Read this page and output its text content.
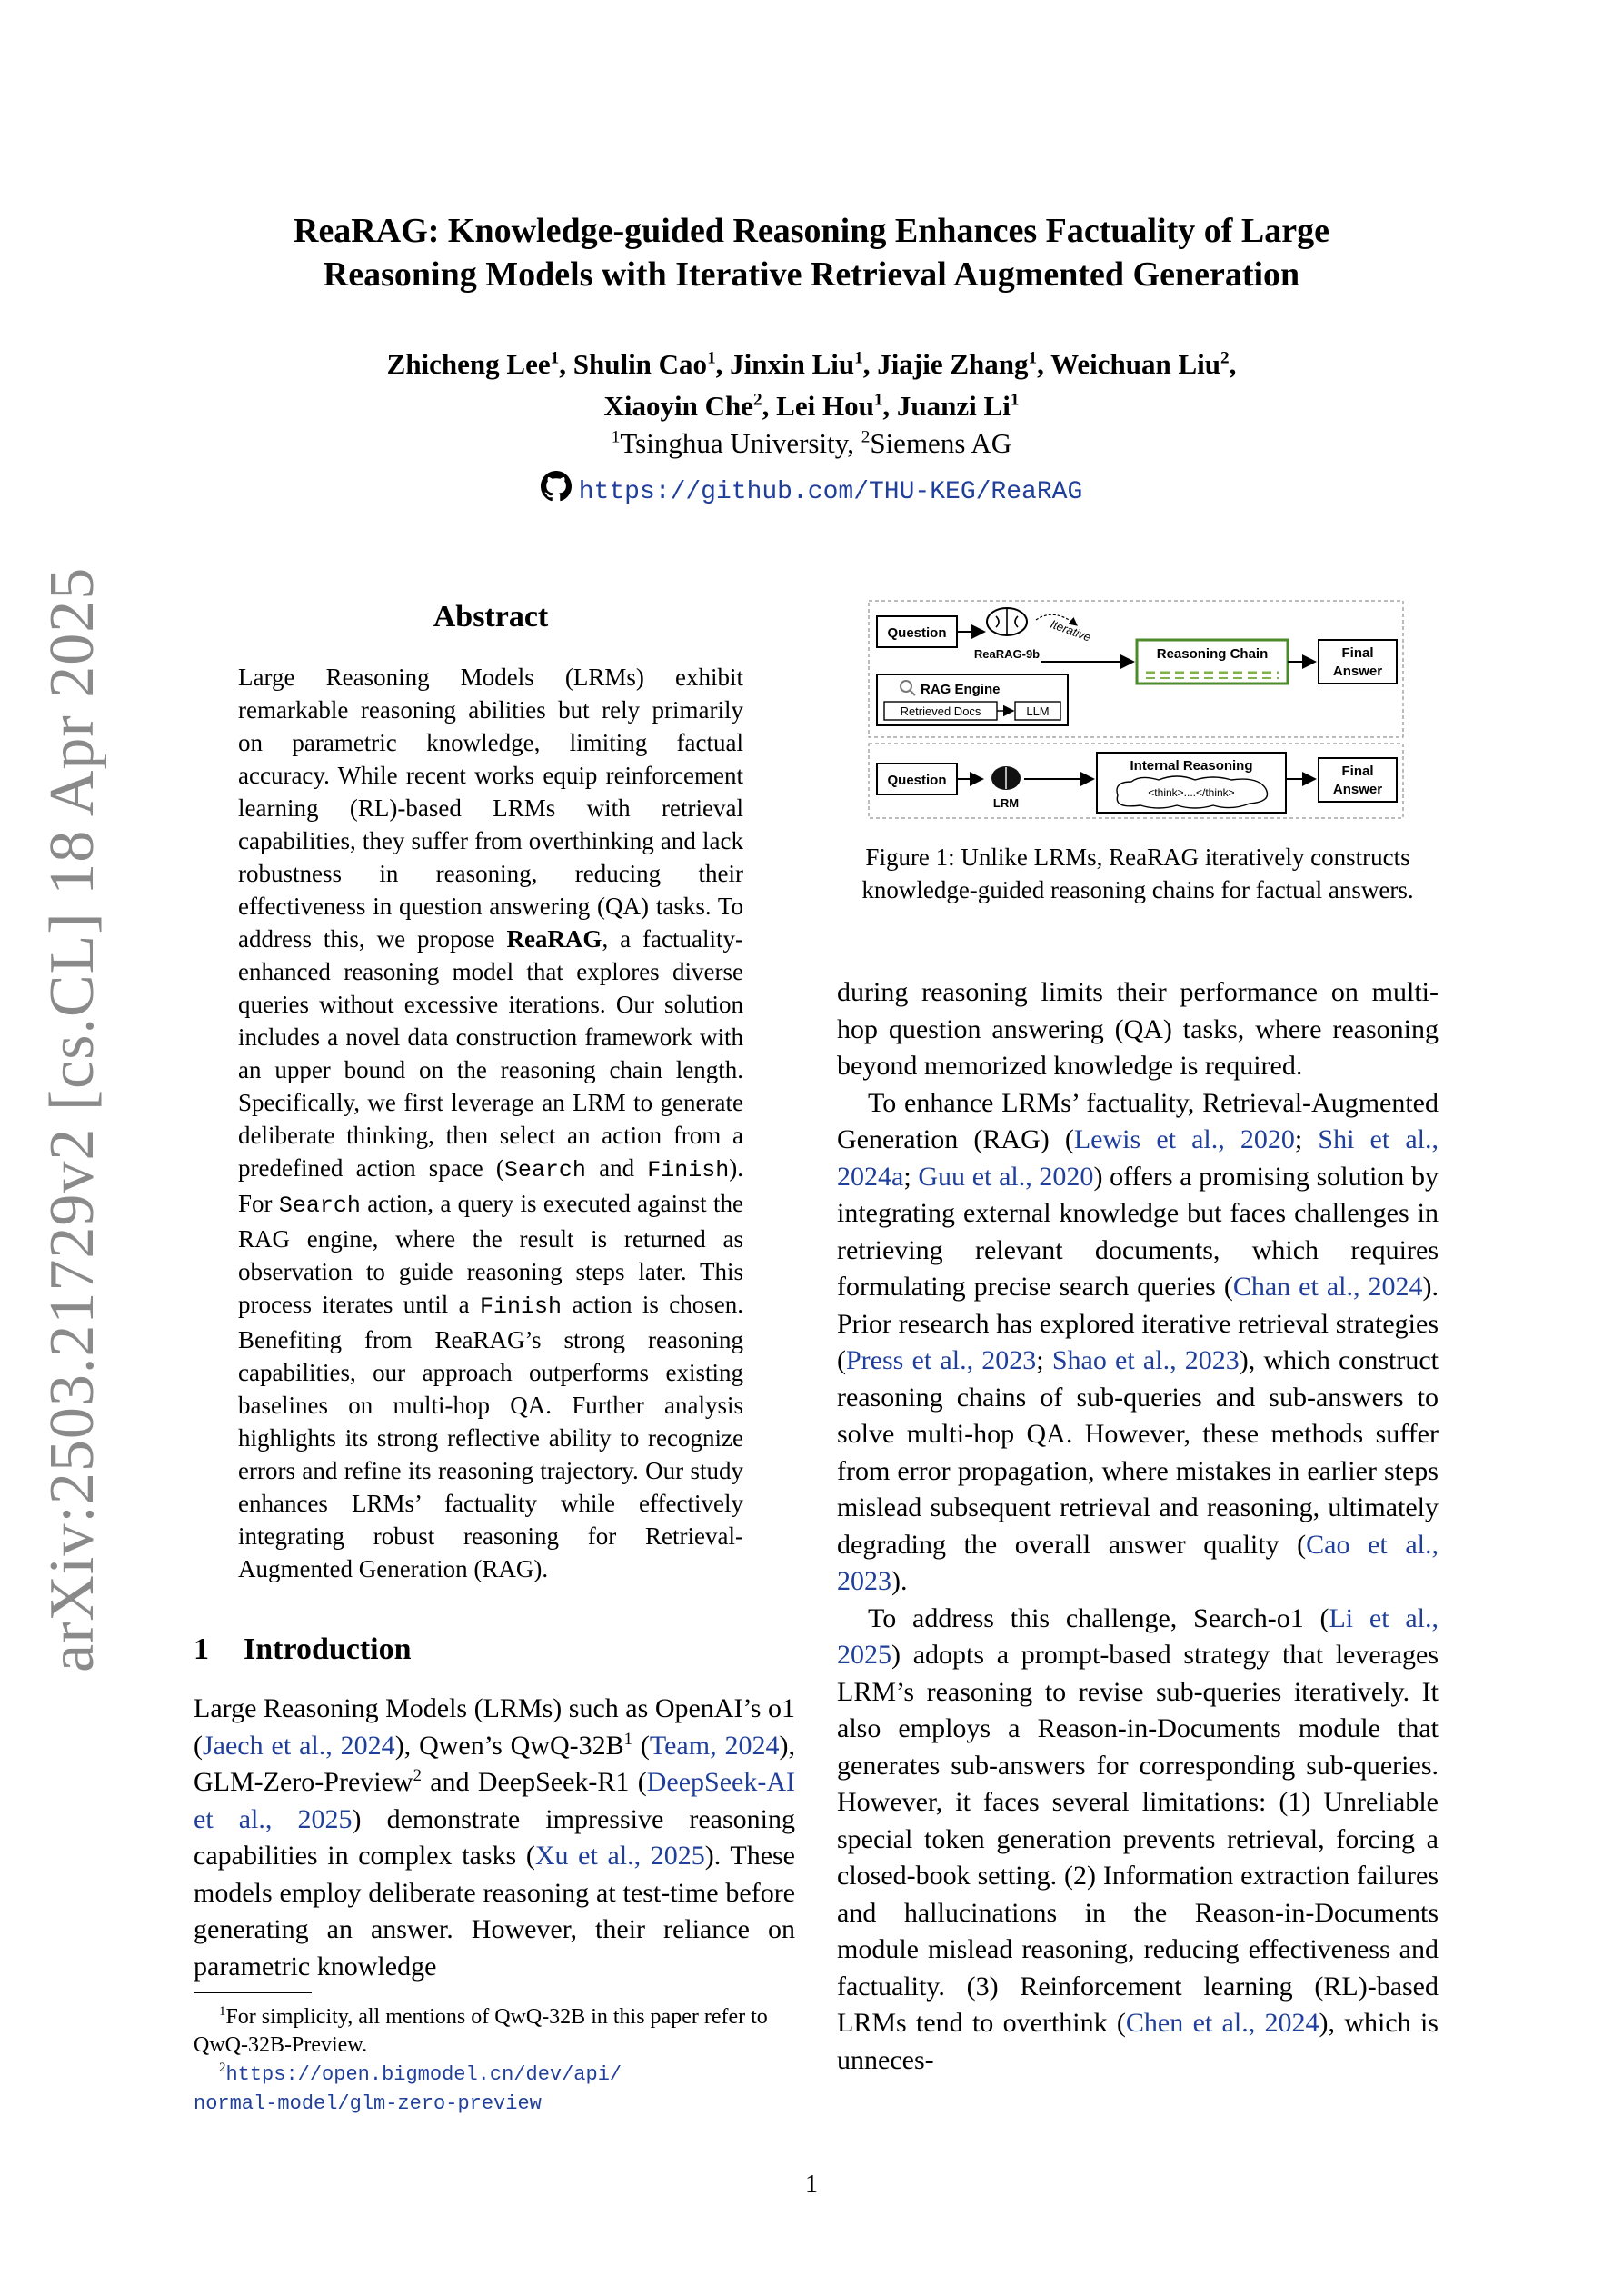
ReaRAG: Knowledge-guided Reasoning Enhances Factuality of Large
Reasoning Models with Iterative Retrieval Augmented Generation
Zhicheng Lee$^1$, Shulin Cao$^1$, Jinxin Liu$^1$, Jiajie Zhang$^1$, Weichuan Liu$^2$,
Xiaoyin Che$^2$, Lei Hou$^1$, Juanzi Li$^1$
$^1$Tsinghua University, $^2$Siemens AG
https://github.com/THU-KEG/ReaRAG
arXiv:2503.21729v2 [cs.CL] 18 Apr 2025	Abstract
Large Reasoning Models (LRMs) exhibit remarkable reasoning abilities but rely primarily on parametric knowledge, limiting factual accuracy. While recent works equip reinforcement learning (RL)-based LRMs with retrieval capabilities, they suffer from overthinking and lack robustness in reasoning, reducing their effectiveness in question answering (QA) tasks. To address this, we propose ReaRAG, a factuality-enhanced reasoning model that explores diverse queries without excessive iterations. Our solution includes a novel data construction framework with an upper bound on the reasoning chain length. Specifically, we first leverage an LRM to generate deliberate thinking, then select an action from a predefined action space (Search and Finish). For Search action, a query is executed against the RAG engine, where the result is returned as observation to guide reasoning steps later. This process iterates until a Finish action is chosen. Benefiting from ReaRAG’s strong reasoning capabilities, our approach outperforms existing baselines on multi-hop QA. Further analysis highlights its strong reflective ability to recognize errors and refine its reasoning trajectory. Our study enhances LRMs’ factuality while effectively integrating robust reasoning for Retrieval-Augmented Generation (RAG).
1 Introduction
Large Reasoning Models (LRMs) such as OpenAI’s o1 (Jaech et al., 2024), Qwen’s QwQ-$32B^1$ (Team, 2024), GLM-Zero-Preview$^2$ and DeepSeek-R1 (DeepSeek-AI et al., 2025) demonstrate impressive reasoning capabilities in complex tasks (Xu et al., 2025). These models employ deliberate reasoning at test-time before generating an answer. However, their reliance on parametric knowledge
$^1$For simplicity, all mentions of QwQ-32B in this paper refer to QwQ-32B-Preview.
$^2$https://open.bigmodel.cn/dev/api/
normal-model/glm-zero-preview
Question
ReaRAG-9b
Iterative
Reasoning Chain	Final
Answer
RAG Engine
Retrieved Docs	LLM
Question
LRM
Internal Reasoning
<think>....</think>
Final
Answer
Figure 1: Unlike LRMs, ReaRAG iteratively constructs knowledge-guided reasoning chains for factual answers.

during reasoning limits their performance on multi-hop question answering (QA) tasks, where reasoning beyond memorized knowledge is required.

To enhance LRMs’ factuality, Retrieval-Augmented Generation (RAG) (Lewis et al., 2020; Shi et al., 2024a; Guu et al., 2020) offers a promising solution by integrating external knowledge but faces challenges in retrieving relevant documents, which requires formulating precise search queries (Chan et al., 2024). Prior research has explored iterative retrieval strategies (Press et al., 2023; Shao et al., 2023), which construct reasoning chains of sub-queries and sub-answers to solve multi-hop QA. However, these methods suffer from error propagation, where mistakes in earlier steps mislead subsequent retrieval and reasoning, ultimately degrading the overall answer quality (Cao et al., 2023).

To address this challenge, Search-o1 (Li et al., 2025) adopts a prompt-based strategy that leverages LRM’s reasoning to revise sub-queries iteratively. It also employs a Reason-in-Documents module that generates sub-answers for corresponding sub-queries. However, it faces several limitations: (1) Unreliable special token generation prevents retrieval, forcing a closed-book setting. (2) Information extraction failures and hallucinations in the Reason-in-Documents module mislead reasoning, reducing effectiveness and factuality. (3) Reinforcement learning (RL)-based LRMs tend to overthink (Chen et al., 2024), which is unneces-

1
